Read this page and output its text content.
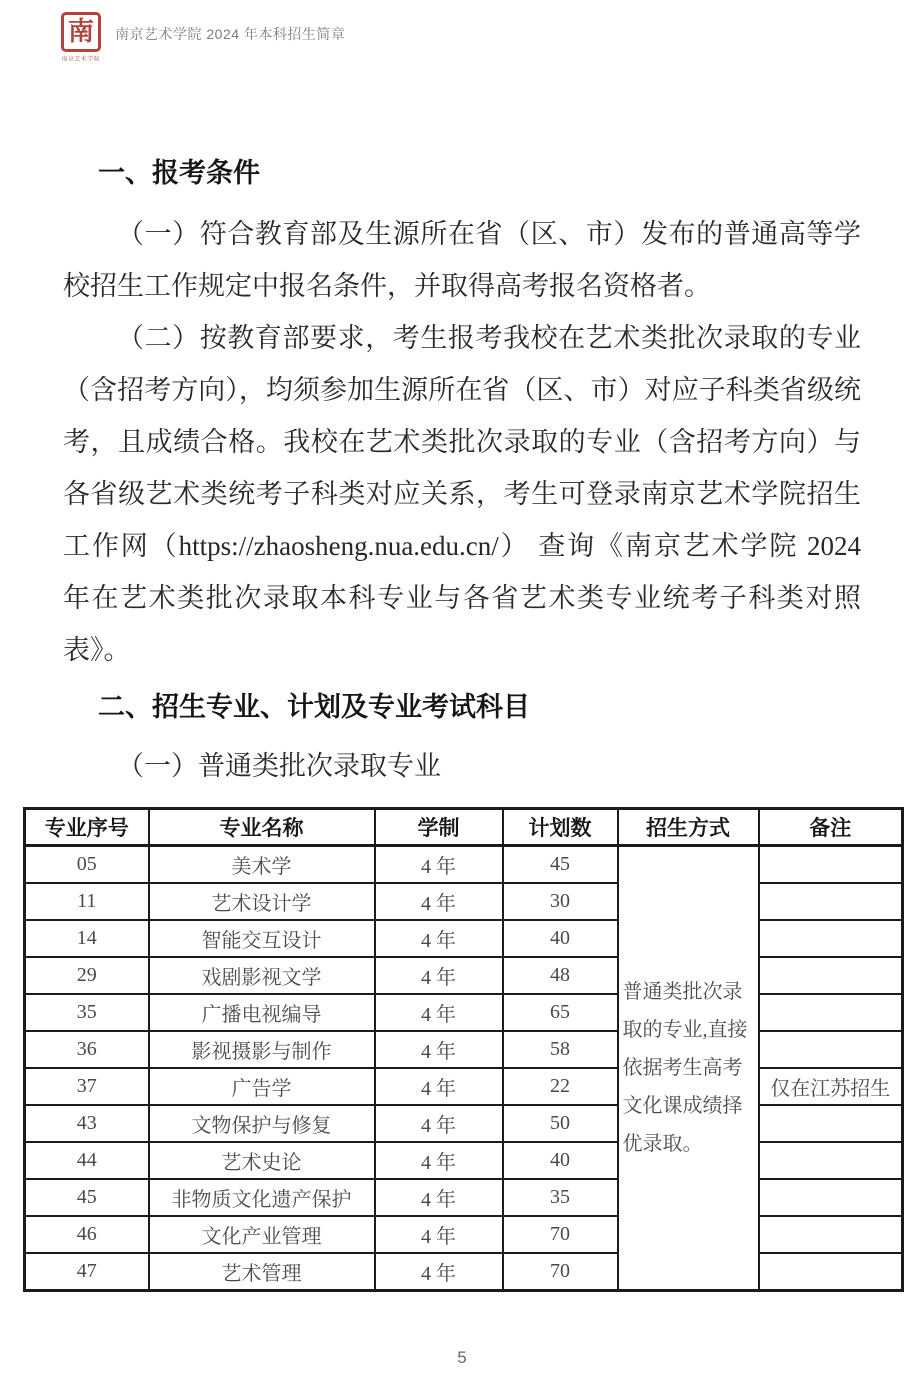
南
南京艺术学院
南京艺术学院 2024 年本科招生简章
一、报考条件

（一）符合教育部及生源所在省（区、市）发布的普通高等学校招生工作规定中报名条件，并取得高考报名资格者。

（二）按教育部要求，考生报考我校在艺术类批次录取的专业（含招考方向），均须参加生源所在省（区、市）对应子科类省级统考，且成绩合格。我校在艺术类批次录取的专业（含招考方向）与各省级艺术类统考子科类对应关系，考生可登录南京艺术学院招生工作网（https://zhaosheng.nua.edu.cn/） 查询《南京艺术学院 2024 年在艺术类批次录取本科专业与各省艺术类专业统考子科类对照表》。

二、招生专业、计划及专业考试科目

（一）普通类批次录取专业

专业序号	专业名称	学制	计划数	招生方式	备注
05	美术学	4 年	45	普通类批次录取的专业,直接依据考生高考文化课成绩择优录取。	

11	艺术设计学	4 年	30		
14	智能交互设计	4 年	40		
29	戏剧影视文学	4 年	48		
35	广播电视编导	4 年	65		
36	影视摄影与制作	4 年	58		
37	广告学	4 年	22		仅在江苏招生
43	文物保护与修复	4 年	50		
44	艺术史论	4 年	40		
45	非物质文化遗产保护	4 年	35		
46	文化产业管理	4 年	70		
47	艺术管理	4 年	70		
5
